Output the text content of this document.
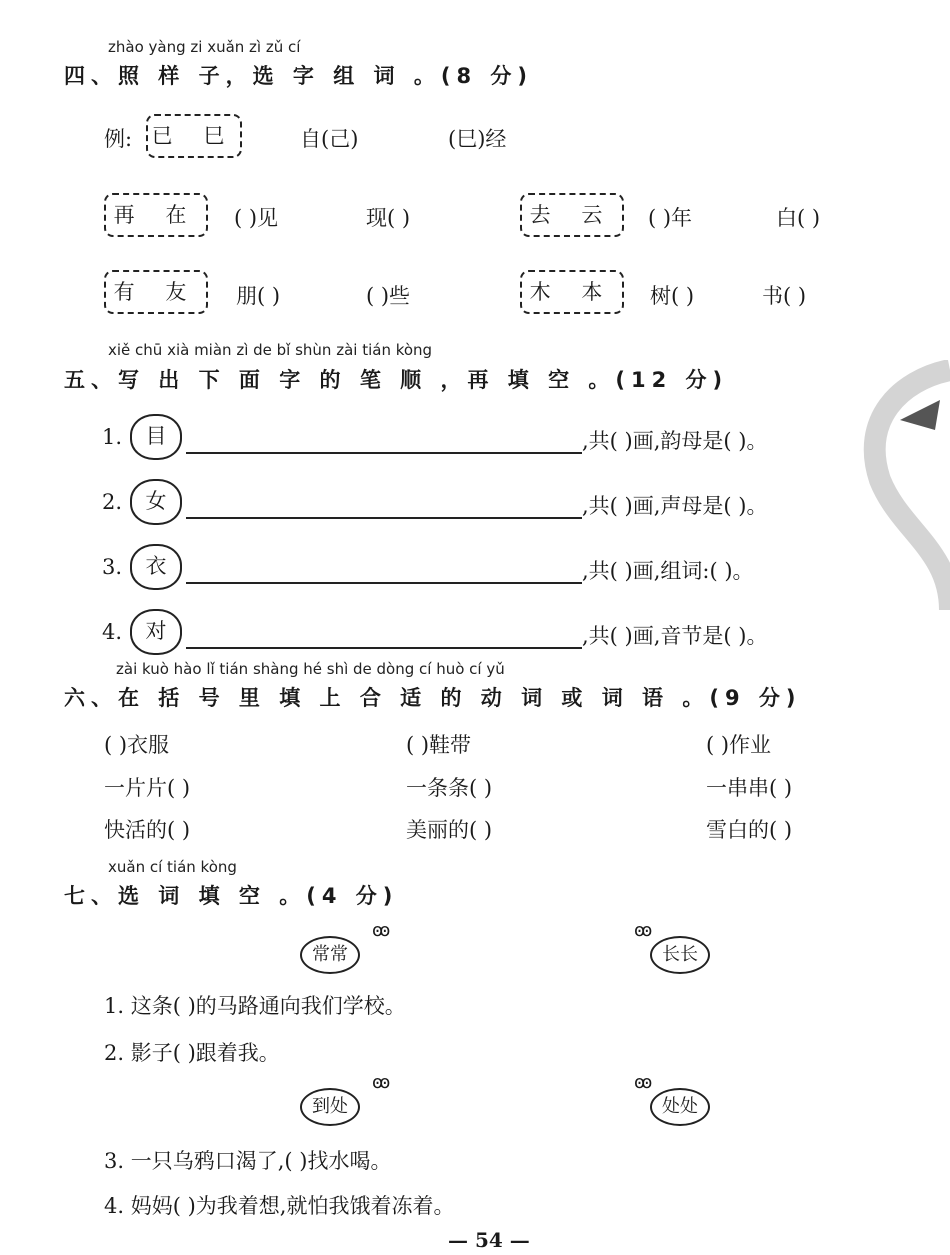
zhào yàng zi xuǎn zì zǔ cí
四、照 样 子，选 字 组 词 。(8 分)
例: 已 巳	自(己)	(巳)经
再 在	( )见	现( )	去 云	( )年	白( )
有 友	朋( )	( )些	木 本	树( )	书( )
xiě chū xià miàn zì de bǐ shùn zài tián kòng
五、写 出 下 面 字 的 笔 顺 ，再 填 空 。(12 分)
1.	目	,共( )画,韵母是( )。
2.	女	,共( )画,声母是( )。
3.	衣	,共( )画,组词:( )。
4.	对	,共( )画,音节是( )。
zài kuò hào lǐ tián shàng hé shì de dòng cí huò cí yǔ
六、在 括 号 里 填 上 合 适 的 动 词 或 词 语 。(9 分)
( )衣服	( )鞋带	( )作业
一片片( )	一条条( )	一串串( )
快活的( )	美丽的( )	雪白的( )
xuǎn cí tián kòng
七、选 词 填 空 。(4 分)
常常
ꙭ
长长
ꙭ
1. 这条( )的马路通向我们学校。
2. 影子( )跟着我。
到处
ꙭ
处处
ꙭ
3. 一只乌鸦口渴了,( )找水喝。
4. 妈妈( )为我着想,就怕我饿着冻着。
— 54 —
